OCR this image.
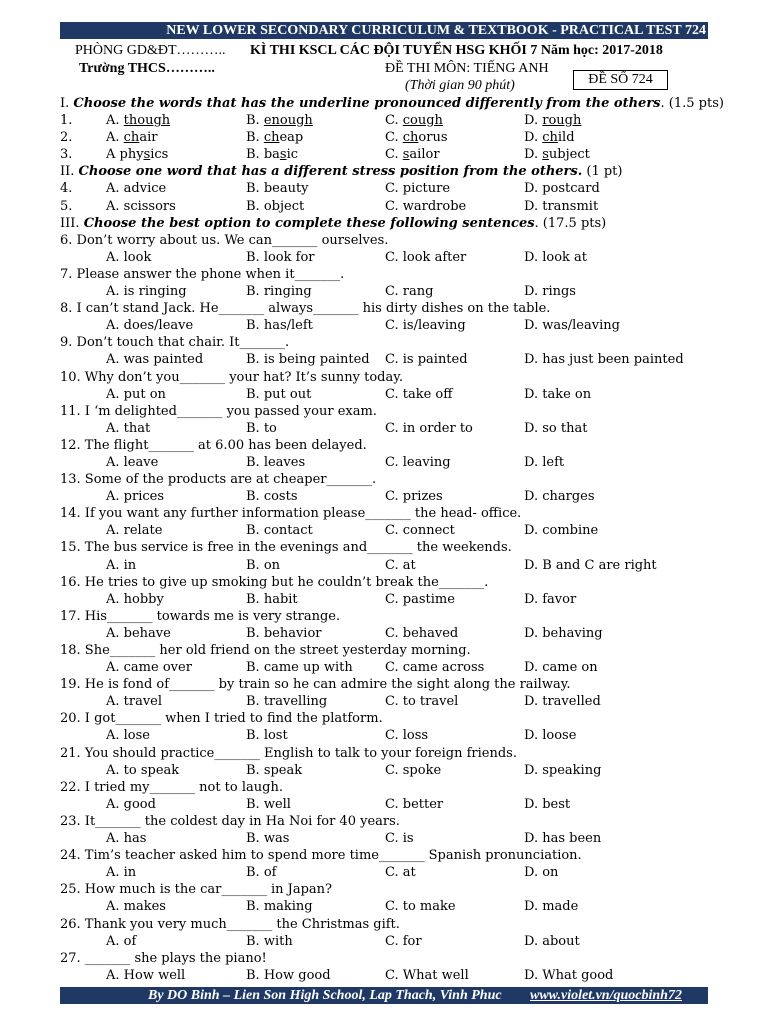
NEW LOWER SECONDARY CURRICULUM & TEXTBOOK - PRACTICAL TEST 724
PHÒNG GD&ĐT………..
Trường THCS………..
KÌ THI KSCL CÁC ĐỘI TUYỂN HSG KHỐI 7 Năm học: 2017-2018
ĐỀ THI MÔN: TIẾNG ANH
(Thời gian 90 phút)	ĐỀ SỐ 724
I. Choose the words that has the underline pronounced differently from the others. (1.5 pts)
1.	A. though	B. enough	C. cough	D. rough
2.	A. chair	B. cheap	C. chorus	D. child
3.	A physics	B. basic	C. sailor	D. subject
II. Choose one word that has a different stress position from the others. (1 pt)
4.	A. advice	B. beauty	C. picture	D. postcard
5.	A. scissors	B. object	C. wardrobe	D. transmit
III. Choose the best option to complete these following sentences. (17.5 pts)
6. Don’t worry about us. We can_______ ourselves.
A. look	B. look for	C. look after	D. look at
7. Please answer the phone when it_______.
A. is ringing	B. ringing	C. rang	D. rings
8. I can’t stand Jack. He_______ always_______ his dirty dishes on the table.
A. does/leave	B. has/left	C. is/leaving	D. was/leaving
9. Don’t touch that chair. It_______.
A. was painted	B. is being painted C. is painted	D. has just been painted
10. Why don’t you_______ your hat? It’s sunny today.
A. put on	B. put out	C. take off	D. take on
11. I ‘m delighted_______ you passed your exam.
A. that	B. to	C. in order to	D. so that
12. The flight_______ at 6.00 has been delayed.
A. leave	B. leaves	C. leaving	D. left
13. Some of the products are at cheaper_______.
A. prices	B. costs	C. prizes	D. charges
14. If you want any further information please_______ the head- office.
A. relate	B. contact	C. connect	D. combine
15. The bus service is free in the evenings and_______ the weekends.
A. in	B. on	C. at	D. B and C are right
16. He tries to give up smoking but he couldn’t break the_______.
A. hobby	B. habit	C. pastime	D. favor
17. His_______ towards me is very strange.
A. behave	B. behavior	C. behaved	D. behaving
18. She_______ her old friend on the street yesterday morning.
A. came over	B. came up with C. came across	D. came on
19. He is fond of_______ by train so he can admire the sight along the railway.
A. travel	B. travelling	C. to travel	D. travelled
20. I got_______ when I tried to find the platform.
A. lose	B. lost	C. loss	D. loose
21. You should practice_______ English to talk to your foreign friends.
A. to speak	B. speak	C. spoke	D. speaking
22. I tried my_______ not to laugh.
A. good	B. well	C. better	D. best
23. It_______ the coldest day in Ha Noi for 40 years.
A. has	B. was	C. is	D. has been
24. Tim’s teacher asked him to spend more time_______ Spanish pronunciation.
A. in	B. of	C. at	D. on
25. How much is the car_______ in Japan?
A. makes	B. making	C. to make	D. made
26. Thank you very much_______ the Christmas gift.
A. of	B. with	C. for	D. about
27. _______ she plays the piano!
A. How well	B. How good	C. What well	D. What good
By DO Binh – Lien Son High School, Lap Thach, Vinh Phuc www.violet.vn/quocbinh72
